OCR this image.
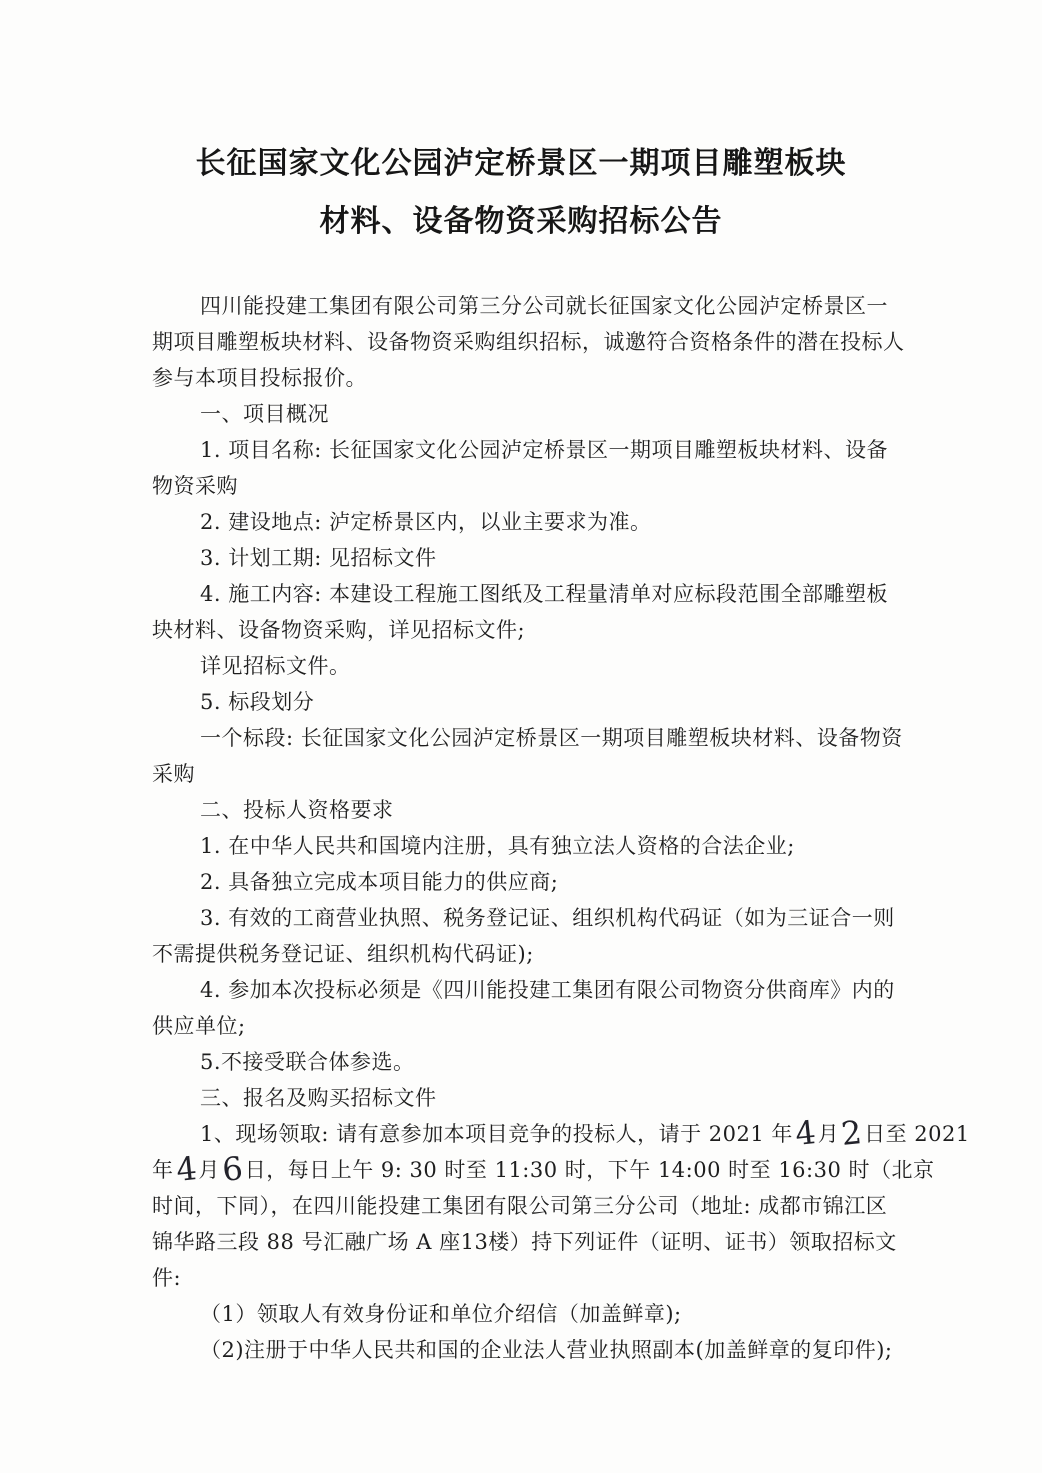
长征国家文化公园泸定桥景区一期项目雕塑板块
材料、设备物资采购招标公告
四川能投建工集团有限公司第三分公司就长征国家文化公园泸定桥景区一
期项目雕塑板块材料、设备物资采购组织招标，诚邀符合资格条件的潜在投标人
参与本项目投标报价。
一、项目概况
1. 项目名称: 长征国家文化公园泸定桥景区一期项目雕塑板块材料、设备
物资采购
2. 建设地点: 泸定桥景区内，以业主要求为准。
3. 计划工期: 见招标文件
4. 施工内容: 本建设工程施工图纸及工程量清单对应标段范围全部雕塑板
块材料、设备物资采购，详见招标文件;
详见招标文件。
5. 标段划分
一个标段: 长征国家文化公园泸定桥景区一期项目雕塑板块材料、设备物资
采购
二、投标人资格要求
1. 在中华人民共和国境内注册，具有独立法人资格的合法企业;
2. 具备独立完成本项目能力的供应商;
3. 有效的工商营业执照、税务登记证、组织机构代码证（如为三证合一则
不需提供税务登记证、组织机构代码证);
4. 参加本次投标必须是《四川能投建工集团有限公司物资分供商库》内的
供应单位;
5.不接受联合体参选。
三、报名及购买招标文件
1、现场领取: 请有意参加本项目竞争的投标人，请于 2021 年4月2日至 2021
年4月6日，每日上午 9: 30 时至 11:30 时，下午 14:00 时至 16:30 时（北京
时间，下同），在四川能投建工集团有限公司第三分公司（地址: 成都市锦江区
锦华路三段 88 号汇融广场 A 座13楼）持下列证件（证明、证书）领取招标文
件:
（1）领取人有效身份证和单位介绍信（加盖鲜章);
（2)注册于中华人民共和国的企业法人营业执照副本(加盖鲜章的复印件);
